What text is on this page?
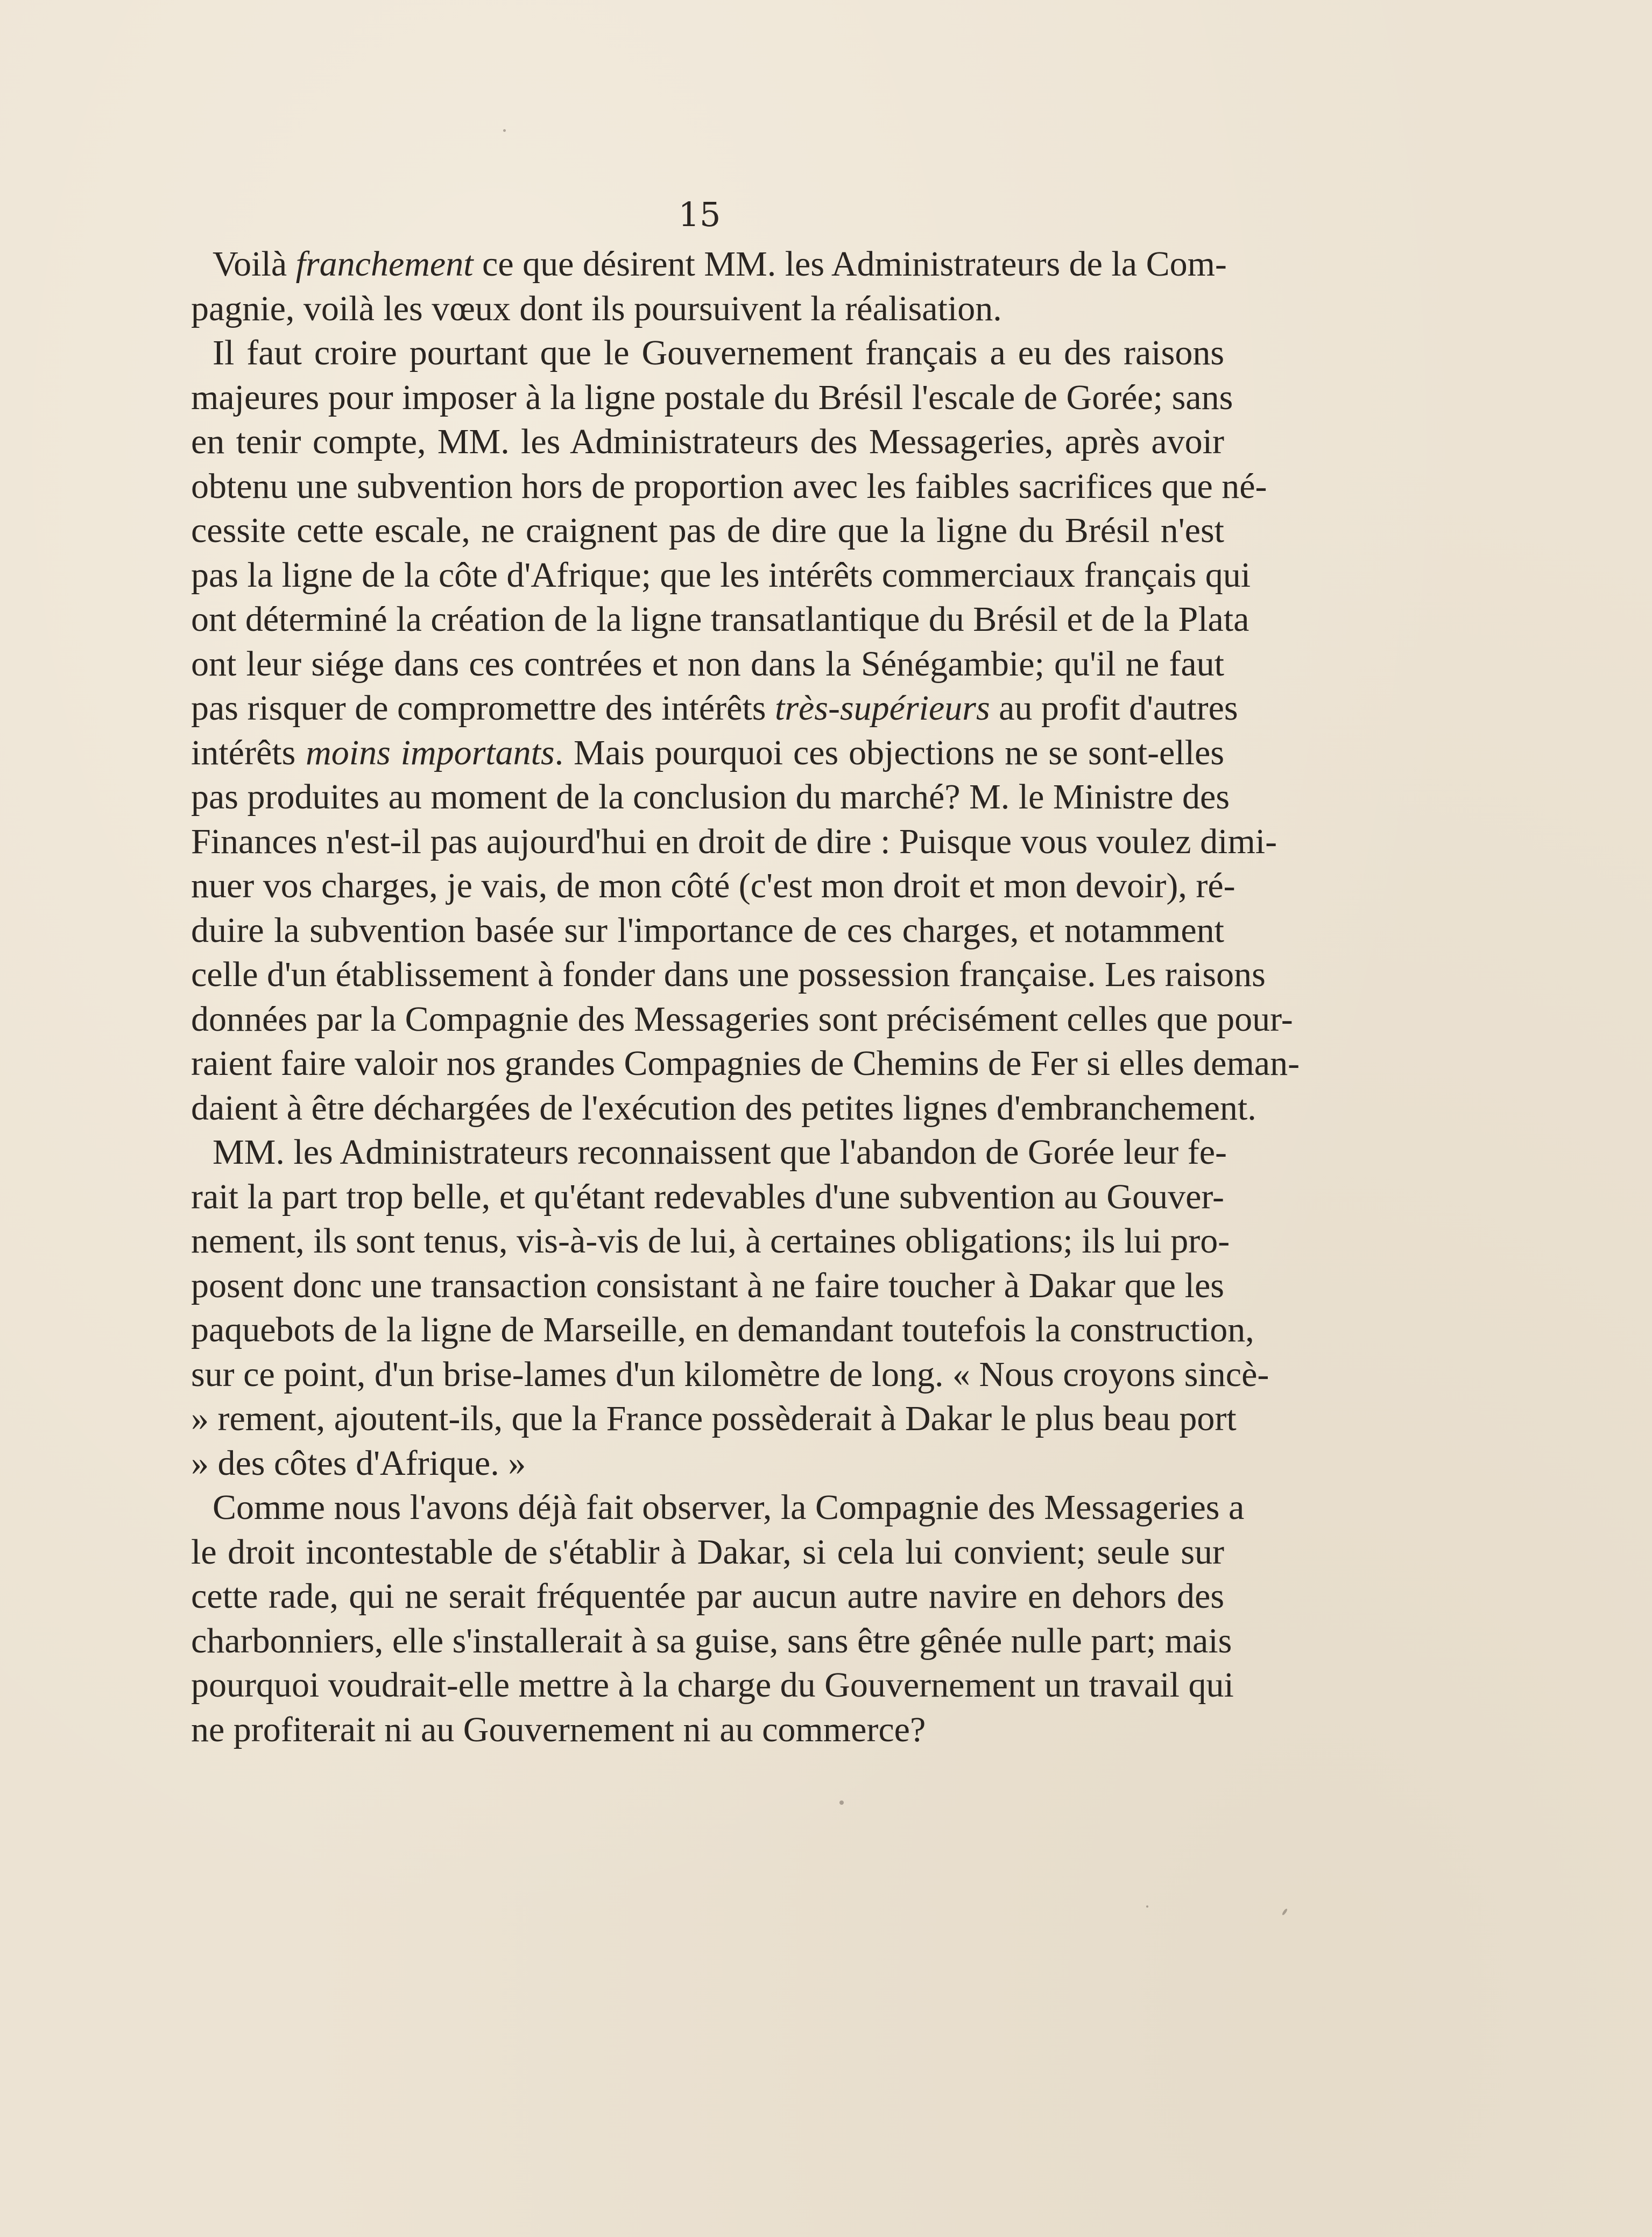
15
Voilà franchement ce que désirent MM. les Administrateurs de la Com-
pagnie, voilà les vœux dont ils poursuivent la réalisation.
Il faut croire pourtant que le Gouvernement français a eu des raisons
majeures pour imposer à la ligne postale du Brésil l'escale de Gorée; sans
en tenir compte, MM. les Administrateurs des Messageries, après avoir
obtenu une subvention hors de proportion avec les faibles sacrifices que né-
cessite cette escale, ne craignent pas de dire que la ligne du Brésil n'est
pas la ligne de la côte d'Afrique; que les intérêts commerciaux français qui
ont déterminé la création de la ligne transatlantique du Brésil et de la Plata
ont leur siége dans ces contrées et non dans la Sénégambie; qu'il ne faut
pas risquer de compromettre des intérêts très-supérieurs au profit d'autres
intérêts moins importants. Mais pourquoi ces objections ne se sont-elles
pas produites au moment de la conclusion du marché? M. le Ministre des
Finances n'est-il pas aujourd'hui en droit de dire : Puisque vous voulez dimi-
nuer vos charges, je vais, de mon côté (c'est mon droit et mon devoir), ré-
duire la subvention basée sur l'importance de ces charges, et notamment
celle d'un établissement à fonder dans une possession française. Les raisons
données par la Compagnie des Messageries sont précisément celles que pour-
raient faire valoir nos grandes Compagnies de Chemins de Fer si elles deman-
daient à être déchargées de l'exécution des petites lignes d'embranchement.
MM. les Administrateurs reconnaissent que l'abandon de Gorée leur fe-
rait la part trop belle, et qu'étant redevables d'une subvention au Gouver-
nement, ils sont tenus, vis-à-vis de lui, à certaines obligations; ils lui pro-
posent donc une transaction consistant à ne faire toucher à Dakar que les
paquebots de la ligne de Marseille, en demandant toutefois la construction,
sur ce point, d'un brise-lames d'un kilomètre de long. « Nous croyons sincè-
» rement, ajoutent-ils, que la France possèderait à Dakar le plus beau port
» des côtes d'Afrique. »
Comme nous l'avons déjà fait observer, la Compagnie des Messageries a
le droit incontestable de s'établir à Dakar, si cela lui convient; seule sur
cette rade, qui ne serait fréquentée par aucun autre navire en dehors des
charbonniers, elle s'installerait à sa guise, sans être gênée nulle part; mais
pourquoi voudrait-elle mettre à la charge du Gouvernement un travail qui
ne profiterait ni au Gouvernement ni au commerce?
